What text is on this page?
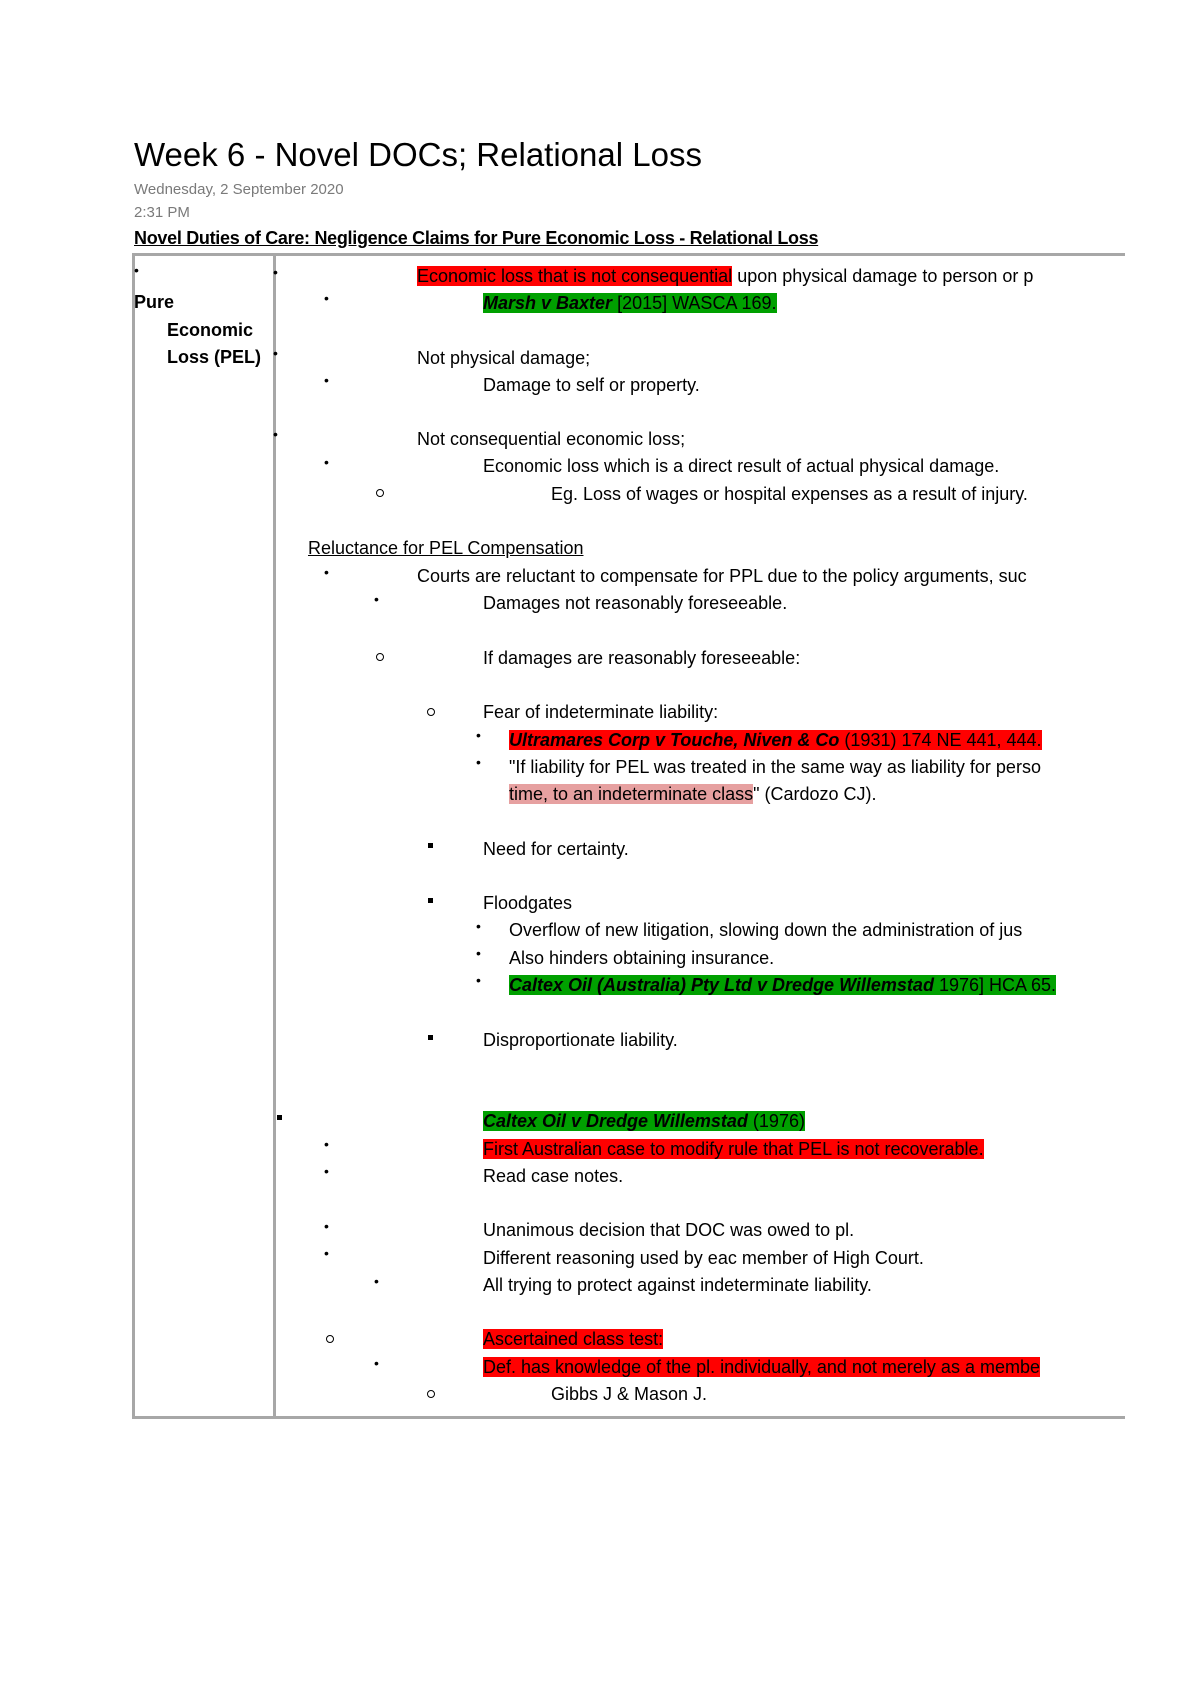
Week 6 - Novel DOCs; Relational Loss
Wednesday, 2 September 2020
2:31 PM
Novel Duties of Care: Negligence Claims for Pure Economic Loss - Relational Loss
•
Pure
Economic
Loss (PEL)
•	Economic loss that is not consequential upon physical damage to person or p
•	Marsh v Baxter [2015] WASCA 169.
•	Not physical damage;
•	Damage to self or property.
•	Not consequential economic loss;
•	Economic loss which is a direct result of actual physical damage.
Eg. Loss of wages or hospital expenses as a result of injury.
Reluctance for PEL Compensation
•	Courts are reluctant to compensate for PPL due to the policy arguments, suc
•	Damages not reasonably foreseeable.
If damages are reasonably foreseeable:
Fear of indeterminate liability:
• Ultramares Corp v Touche, Niven & Co (1931) 174 NE 441, 444.
• "If liability for PEL was treated in the same way as liability for perso
time, to an indeterminate class" (Cardozo CJ).
Need for certainty.
Floodgates
• Overflow of new litigation, slowing down the administration of jus
• Also hinders obtaining insurance.
• Caltex Oil (Australia) Pty Ltd v Dredge Willemstad 1976] HCA 65.
Disproportionate liability.
Caltex Oil v Dredge Willemstad (1976)
•	First Australian case to modify rule that PEL is not recoverable.
•	Read case notes.
•	Unanimous decision that DOC was owed to pl.
•	Different reasoning used by eac member of High Court.
•	All trying to protect against indeterminate liability.
Ascertained class test:
•	Def. has knowledge of the pl. individually, and not merely as a membe
Gibbs J & Mason J.
